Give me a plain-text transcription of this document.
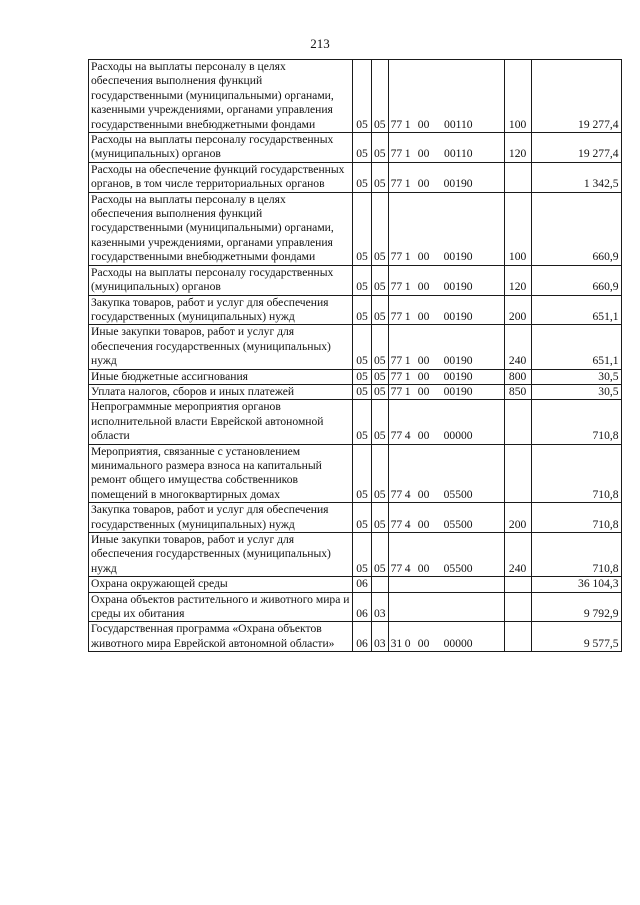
213
Расходы на выплаты персоналу в целях обеспечения выполнения функций государственными (муниципальными) органами, казенными учреждениями, органами управления государственными внебюджетными фондами	05	05	77 1 00 00110	100	19 277,4
Расходы на выплаты персоналу государственных (муниципальных) органов	05	05	77 1 00 00110	120	19 277,4
Расходы на обеспечение функций государственных органов, в том числе территориальных органов	05	05	77 1 00 00190		1 342,5
Расходы на выплаты персоналу в целях обеспечения выполнения функций государственными (муниципальными) органами, казенными учреждениями, органами управления государственными внебюджетными фондами	05	05	77 1 00 00190	100	660,9
Расходы на выплаты персоналу государственных (муниципальных) органов	05	05	77 1 00 00190	120	660,9
Закупка товаров, работ и услуг для обеспечения государственных (муниципальных) нужд	05	05	77 1 00 00190	200	651,1
Иные закупки товаров, работ и услуг для обеспечения государственных (муниципальных) нужд	05	05	77 1 00 00190	240	651,1
Иные бюджетные ассигнования	05	05	77 1 00 00190	800	30,5
Уплата налогов, сборов и иных платежей	05	05	77 1 00 00190	850	30,5
Непрограммные мероприятия органов исполнительной власти Еврейской автономной области	05	05	77 4 00 00000		710,8
Мероприятия, связанные с установлением минимального размера взноса на капитальный ремонт общего имущества собственников помещений в многоквартирных домах	05	05	77 4 00 05500		710,8
Закупка товаров, работ и услуг для обеспечения государственных (муниципальных) нужд	05	05	77 4 00 05500	200	710,8
Иные закупки товаров, работ и услуг для обеспечения государственных (муниципальных) нужд	05	05	77 4 00 05500	240	710,8
Охрана окружающей среды	06				36 104,3
Охрана объектов растительного и животного мира и среды их обитания	06	03			9 792,9
Государственная программа «Охрана объектов животного мира Еврейской автономной области»	06	03	31 0 00 00000		9 577,5
